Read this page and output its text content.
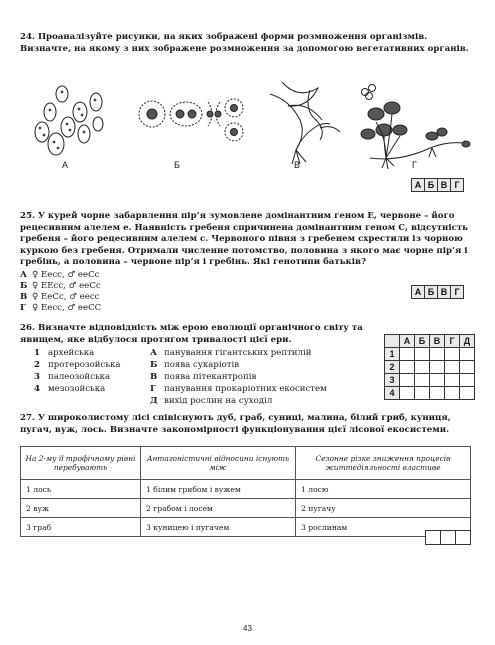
24. Проаналізуйте рисунки, на яких зображені форми розмноження організмів. Визначте, на якому з них зображене розмноження за допомогою вегетативних органів.
А	Б	В	Г
А Б В Г
25. У курей чорне забарвлення пір’я зумовлене домінантним геном E, червоне – його рецесивним алелем e. Наявність гребеня спричинена домінантним геном С, відсутність гребеня – його рецесивним алелем c. Червоного півня з гребенем схрестили із чорною куркою без гребеня. Отримали численне потомство, половина з якого має чорне пір’я і гребінь, а половина – червоне пір’я і гребінь. Які генотипи батьків?
А ♀ Eecc, ♂ eeCc
Б ♀ EEcc, ♂ eeCc
В ♀ EeCc, ♂ eecc
Г ♀ Eecc, ♂ eeCC
А Б В Г
26. Визначте відповідність між ерою еволюції органічного світу та явищем, яке відбулося протягом тривалості цієї ери.
1 архейська
2 протерозойська
3 палеозойська
4 мезозойська
А панування гігантських рептилій
Б поява сукаріотів
В поява пітекантропів
Г панування прокаріотних екосистем
Д вихід рослин на суходіл
	А	Б	В	Г	Д
1					
2					
3					
4					
27. У широколистому лісі співіснують дуб, граб, суниці, малина, білий гриб, куниця, пугач, вуж, лось. Визначте закономірності функціонування цієї лісової екосистеми.
На 2-му її трофічному рівні перебувають	Антагоністичні відносини існують між	Сезонне різке зниження процесів життєдіяльності властиве
1 лось	1 білим грибом і вужем	1 лосю
2 вуж	2 грабом і лосем	2 пугачу
3 граб	3 куницею і пугачем	3 рослинам
43
